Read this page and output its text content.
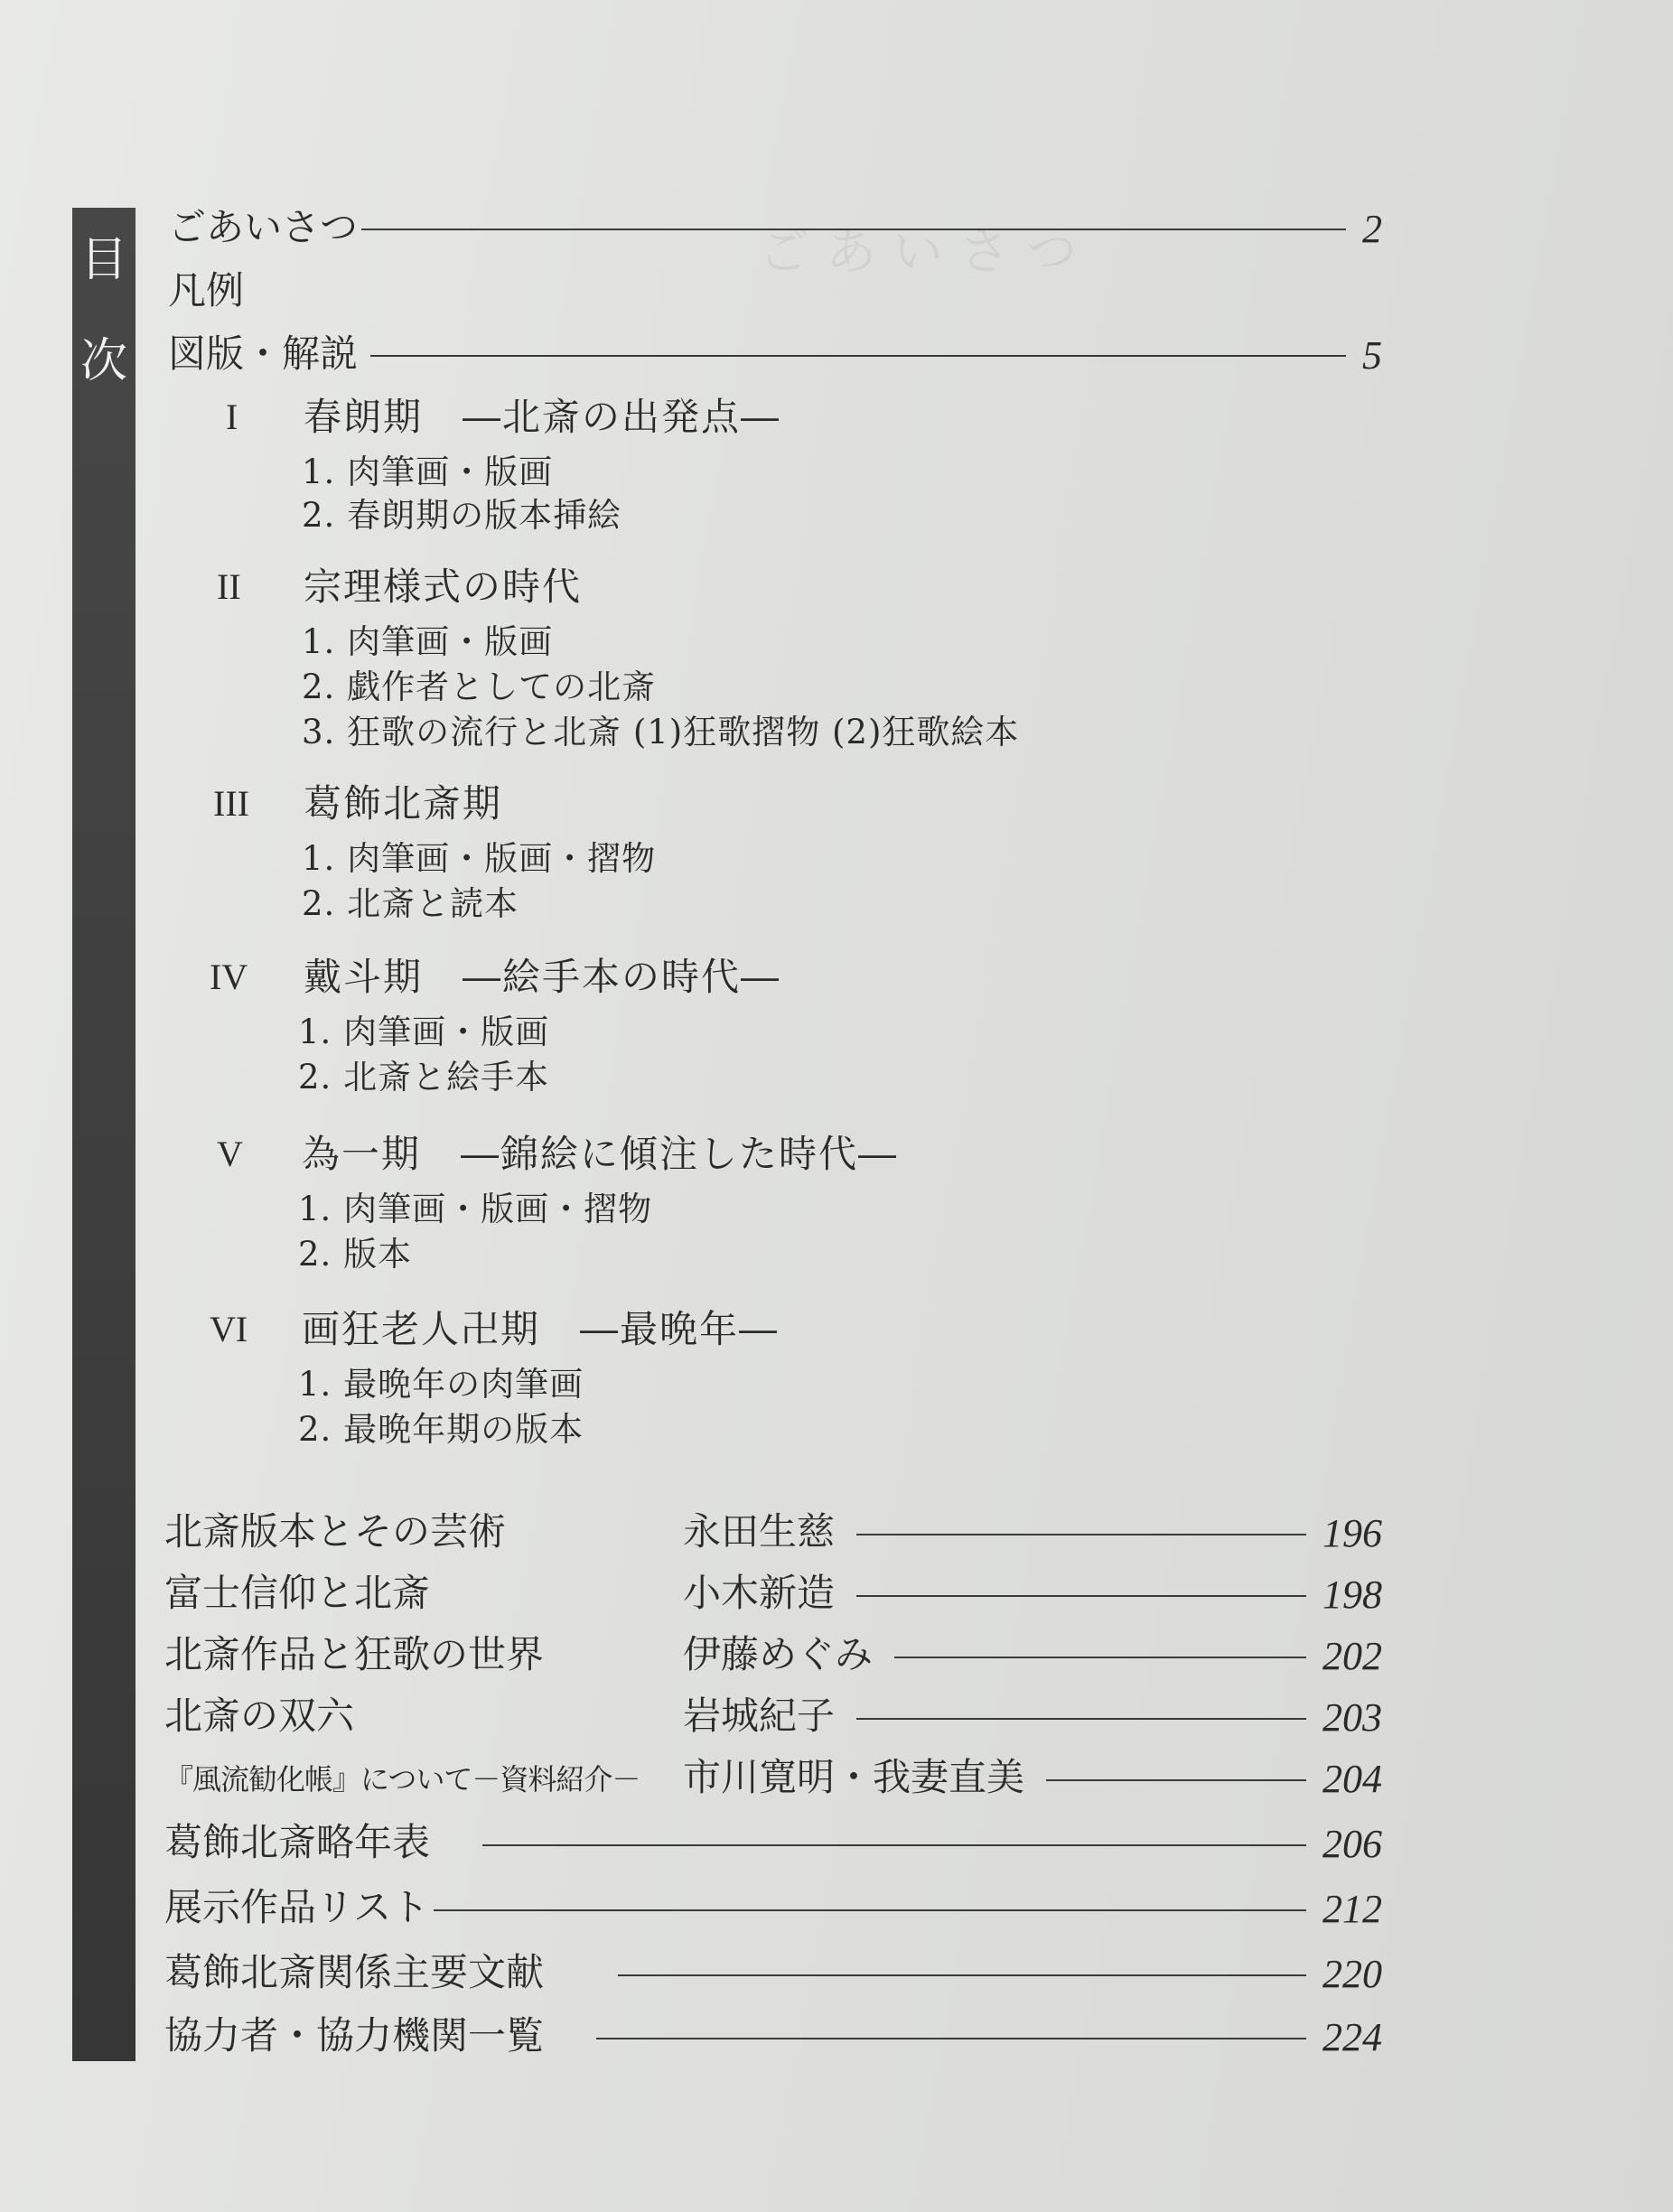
ごあいさつ
目
次
ごあいさつ	2
凡例
図版・解説	5
I 春朗期　―北斎の出発点―
1. 肉筆画・版画
2. 春朗期の版本挿絵
II 宗理様式の時代
1. 肉筆画・版画
2. 戯作者としての北斎
3. 狂歌の流行と北斎 (1)狂歌摺物 (2)狂歌絵本
III 葛飾北斎期
1. 肉筆画・版画・摺物
2. 北斎と読本
IV 戴斗期　―絵手本の時代―
1. 肉筆画・版画
2. 北斎と絵手本
V 為一期　―錦絵に傾注した時代―
1. 肉筆画・版画・摺物
2. 版本
VI 画狂老人卍期　―最晩年―
1. 最晩年の肉筆画
2. 最晩年期の版本
北斎版本とその芸術	永田生慈	196
富士信仰と北斎	小木新造	198
北斎作品と狂歌の世界	伊藤めぐみ	202
北斎の双六	岩城紀子	203
『風流勧化帳』について－資料紹介－ 市川寛明・我妻直美	204
葛飾北斎略年表	206
展示作品リスト	212
葛飾北斎関係主要文献	220
協力者・協力機関一覧	224
